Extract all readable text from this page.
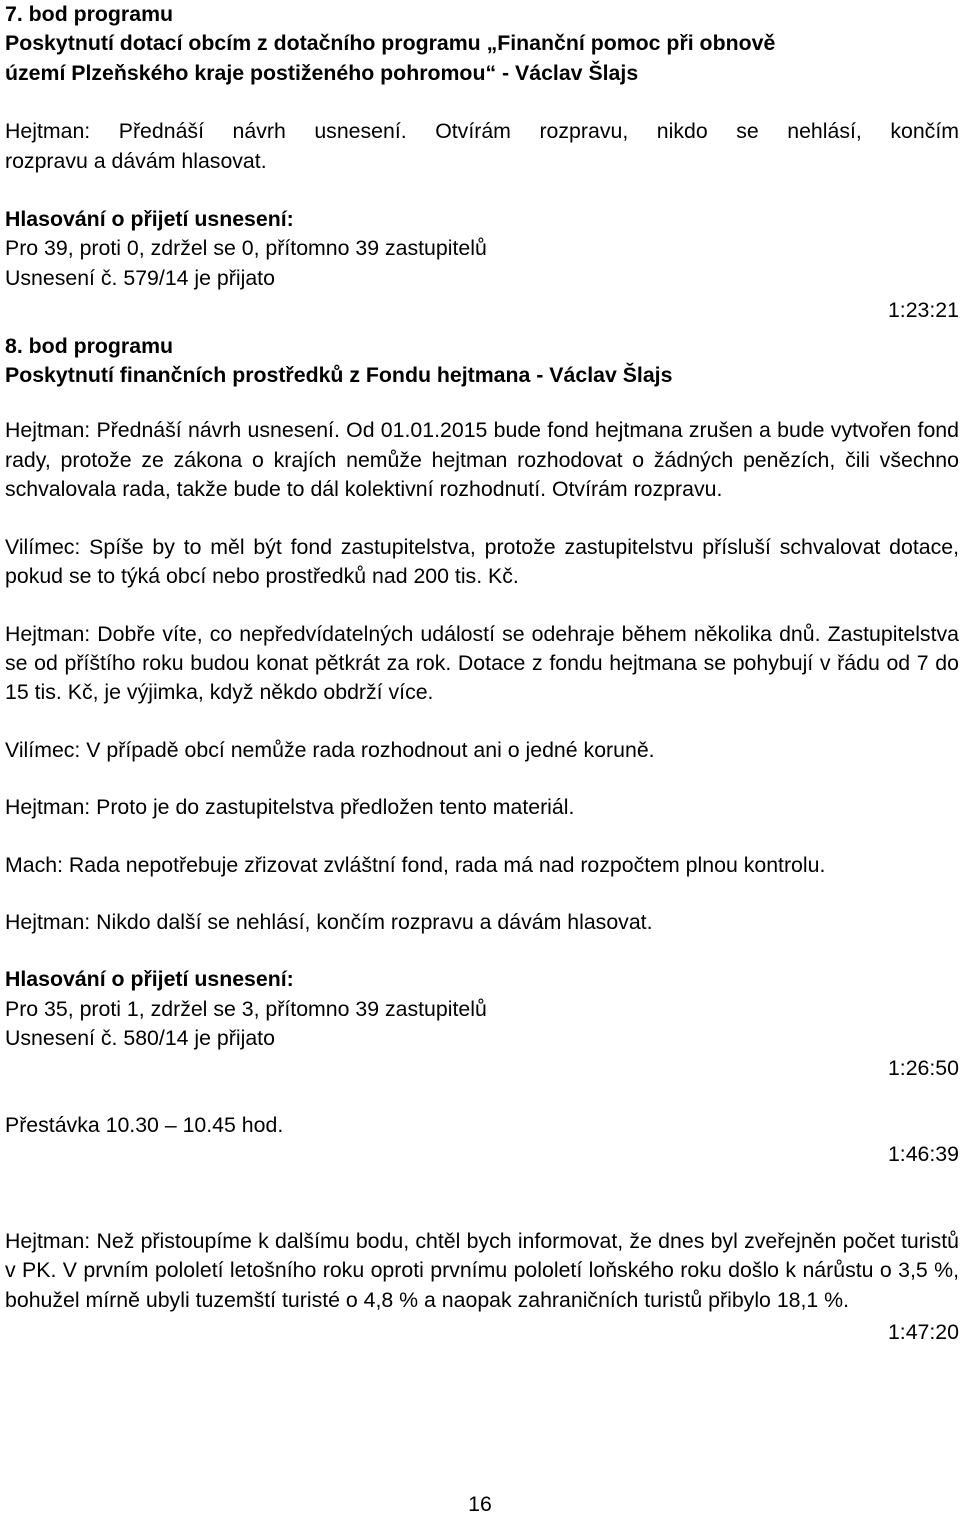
7. bod programu
Poskytnutí dotací obcím z dotačního programu „Finanční pomoc při obnově
území Plzeňského kraje postiženého pohromou“ - Václav Šlajs
Hejtman: Přednáší návrh usnesení. Otvírám rozpravu, nikdo se nehlásí, končím
rozpravu a dávám hlasovat.
Hlasování o přijetí usnesení:
Pro 39, proti 0, zdržel se 0, přítomno 39 zastupitelů
Usnesení č. 579/14 je přijato
1:23:21
8. bod programu
Poskytnutí finančních prostředků z Fondu hejtmana - Václav Šlajs
Hejtman: Přednáší návrh usnesení. Od 01.01.2015 bude fond hejtmana zrušen a bude vytvořen fond rady, protože ze zákona o krajích nemůže hejtman rozhodovat o žádných penězích, čili všechno schvalovala rada, takže bude to dál kolektivní rozhodnutí. Otvírám rozpravu.
Vilímec: Spíše by to měl být fond zastupitelstva, protože zastupitelstvu přísluší schvalovat dotace, pokud se to týká obcí nebo prostředků nad 200 tis. Kč.
Hejtman: Dobře víte, co nepředvídatelných událostí se odehraje během několika dnů. Zastupitelstva se od příštího roku budou konat pětkrát za rok. Dotace z fondu hejtmana se pohybují v řádu od 7 do 15 tis. Kč, je výjimka, když někdo obdrží více.
Vilímec: V případě obcí nemůže rada rozhodnout ani o jedné koruně.
Hejtman: Proto je do zastupitelstva předložen tento materiál.
Mach: Rada nepotřebuje zřizovat zvláštní fond, rada má nad rozpočtem plnou kontrolu.
Hejtman: Nikdo další se nehlásí, končím rozpravu a dávám hlasovat.
Hlasování o přijetí usnesení:
Pro 35, proti 1, zdržel se 3, přítomno 39 zastupitelů
Usnesení č. 580/14 je přijato
1:26:50
Přestávka 10.30 – 10.45 hod.
1:46:39
Hejtman: Než přistoupíme k dalšímu bodu, chtěl bych informovat, že dnes byl zveřejněn počet turistů v PK. V prvním pololetí letošního roku oproti prvnímu pololetí loňského roku došlo k nárůstu o 3,5 %, bohužel mírně ubyli tuzemští turisté o 4,8 % a naopak zahraničních turistů přibylo 18,1 %.
1:47:20
16
